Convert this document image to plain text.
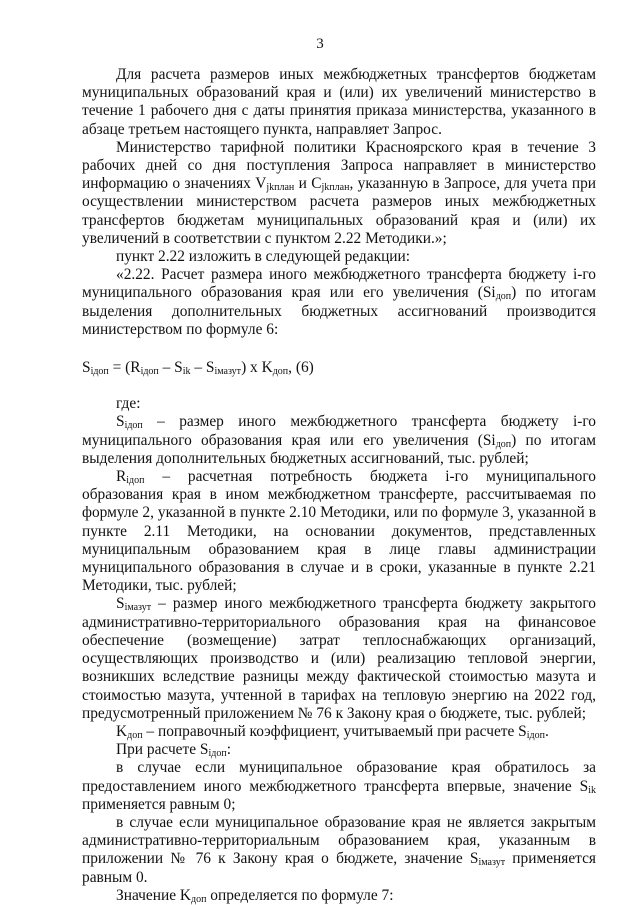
3

Для расчета размеров иных межбюджетных трансфертов бюджетам муниципальных образований края и (или) их увеличений министерство в течение 1 рабочего дня с даты принятия приказа министерства, указанного в абзаце третьем настоящего пункта, направляет Запрос.

Министерство тарифной политики Красноярского края в течение 3 рабочих дней со дня поступления Запроса направляет в министерство информацию о значениях $V_{jkплан}$ и $C_{jkплан}$, указанную в Запросе, для учета при осуществлении министерством расчета размеров иных межбюджетных трансфертов бюджетам муниципальных образований края и (или) их увеличений в соответствии с пунктом 2.22 Методики.»;

пункт 2.22 изложить в следующей редакции:

«2.22. Расчет размера иного межбюджетного трансферта бюджету i-го муниципального образования края или его увеличения $(Si_{доп})$ по итогам выделения дополнительных бюджетных ассигнований производится министерством по формуле 6:

$S_{iдоп} = (R_{iдоп} - S_{ik} - S_{iмазут})$ х $K_{доп}$, (6)

где:

$S_{iдоп}$ – размер иного межбюджетного трансферта бюджету i-го муниципального образования края или его увеличения $(Si_{доп})$ по итогам выделения дополнительных бюджетных ассигнований, тыс. рублей;

$R_{iдоп}$ – расчетная потребность бюджета i-го муниципального образования края в ином межбюджетном трансферте, рассчитываемая по формуле 2, указанной в пункте 2.10 Методики, или по формуле 3, указанной в пункте 2.11 Методики, на основании документов, представленных муниципальным образованием края в лице главы администрации муниципального образования в случае и в сроки, указанные в пункте 2.21 Методики, тыс. рублей;

$S_{iмазут}$ – размер иного межбюджетного трансферта бюджету закрытого административно-территориального образования края на финансовое обеспечение (возмещение) затрат теплоснабжающих организаций, осуществляющих производство и (или) реализацию тепловой энергии, возникших вследствие разницы между фактической стоимостью мазута и стоимостью мазута, учтенной в тарифах на тепловую энергию на 2022 год, предусмотренный приложением № 76 к Закону края о бюджете, тыс. рублей;

$K_{доп}$ – поправочный коэффициент, учитываемый при расчете $S_{iдоп}$.

При расчете $S_{iдоп}$:

в случае если муниципальное образование края обратилось за предоставлением иного межбюджетного трансферта впервые, значение $S_{ik}$ применяется равным 0;

в случае если муниципальное образование края не является закрытым административно-территориальным образованием края, указанным в приложении № 76 к Закону края о бюджете, значение $S_{iмазут}$ применяется равным 0.

Значение $K_{доп}$ определяется по формуле 7:
